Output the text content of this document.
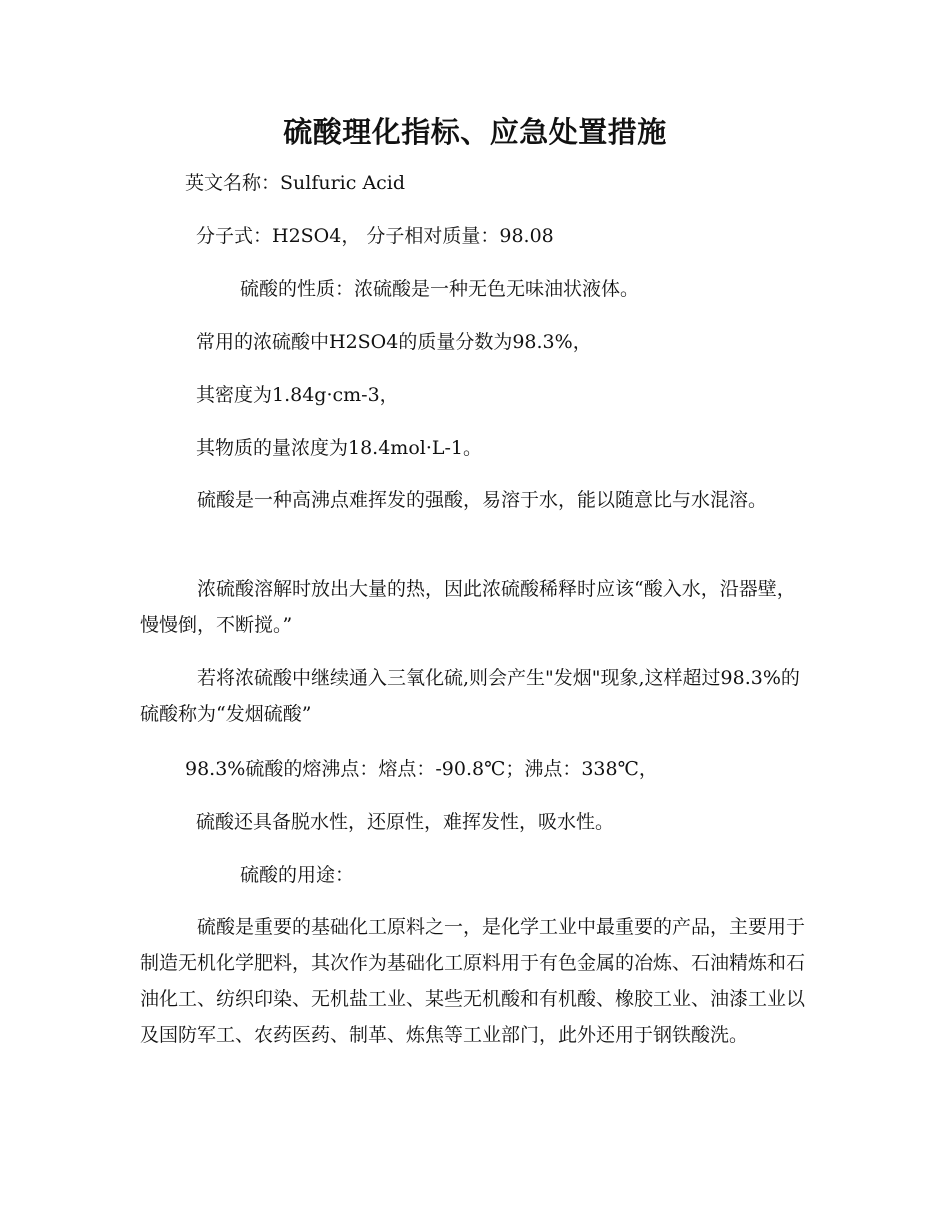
硫酸理化指标、应急处置措施

英文名称：Sulfuric Acid

分子式：H2SO4， 分子相对质量：98.08

硫酸的性质：浓硫酸是一种无色无味油状液体。

常用的浓硫酸中H2SO4的质量分数为98.3%，

其密度为1.84g·cm-3，

其物质的量浓度为18.4mol·L-1。

硫酸是一种高沸点难挥发的强酸，易溶于水，能以随意比与水混溶。

浓硫酸溶解时放出大量的热，因此浓硫酸稀释时应该“酸入水，沿器壁，慢慢倒，不断搅。”

若将浓硫酸中继续通入三氧化硫,则会产生"发烟"现象,这样超过98.3%的硫酸称为“发烟硫酸”

98.3%硫酸的熔沸点：熔点：-90.8℃；沸点：338℃，

硫酸还具备脱水性，还原性，难挥发性，吸水性。

硫酸的用途：

硫酸是重要的基础化工原料之一，是化学工业中最重要的产品，主要用于制造无机化学肥料，其次作为基础化工原料用于有色金属的冶炼、石油精炼和石油化工、纺织印染、无机盐工业、某些无机酸和有机酸、橡胶工业、油漆工业以及国防军工、农药医药、制革、炼焦等工业部门，此外还用于钢铁酸洗。
